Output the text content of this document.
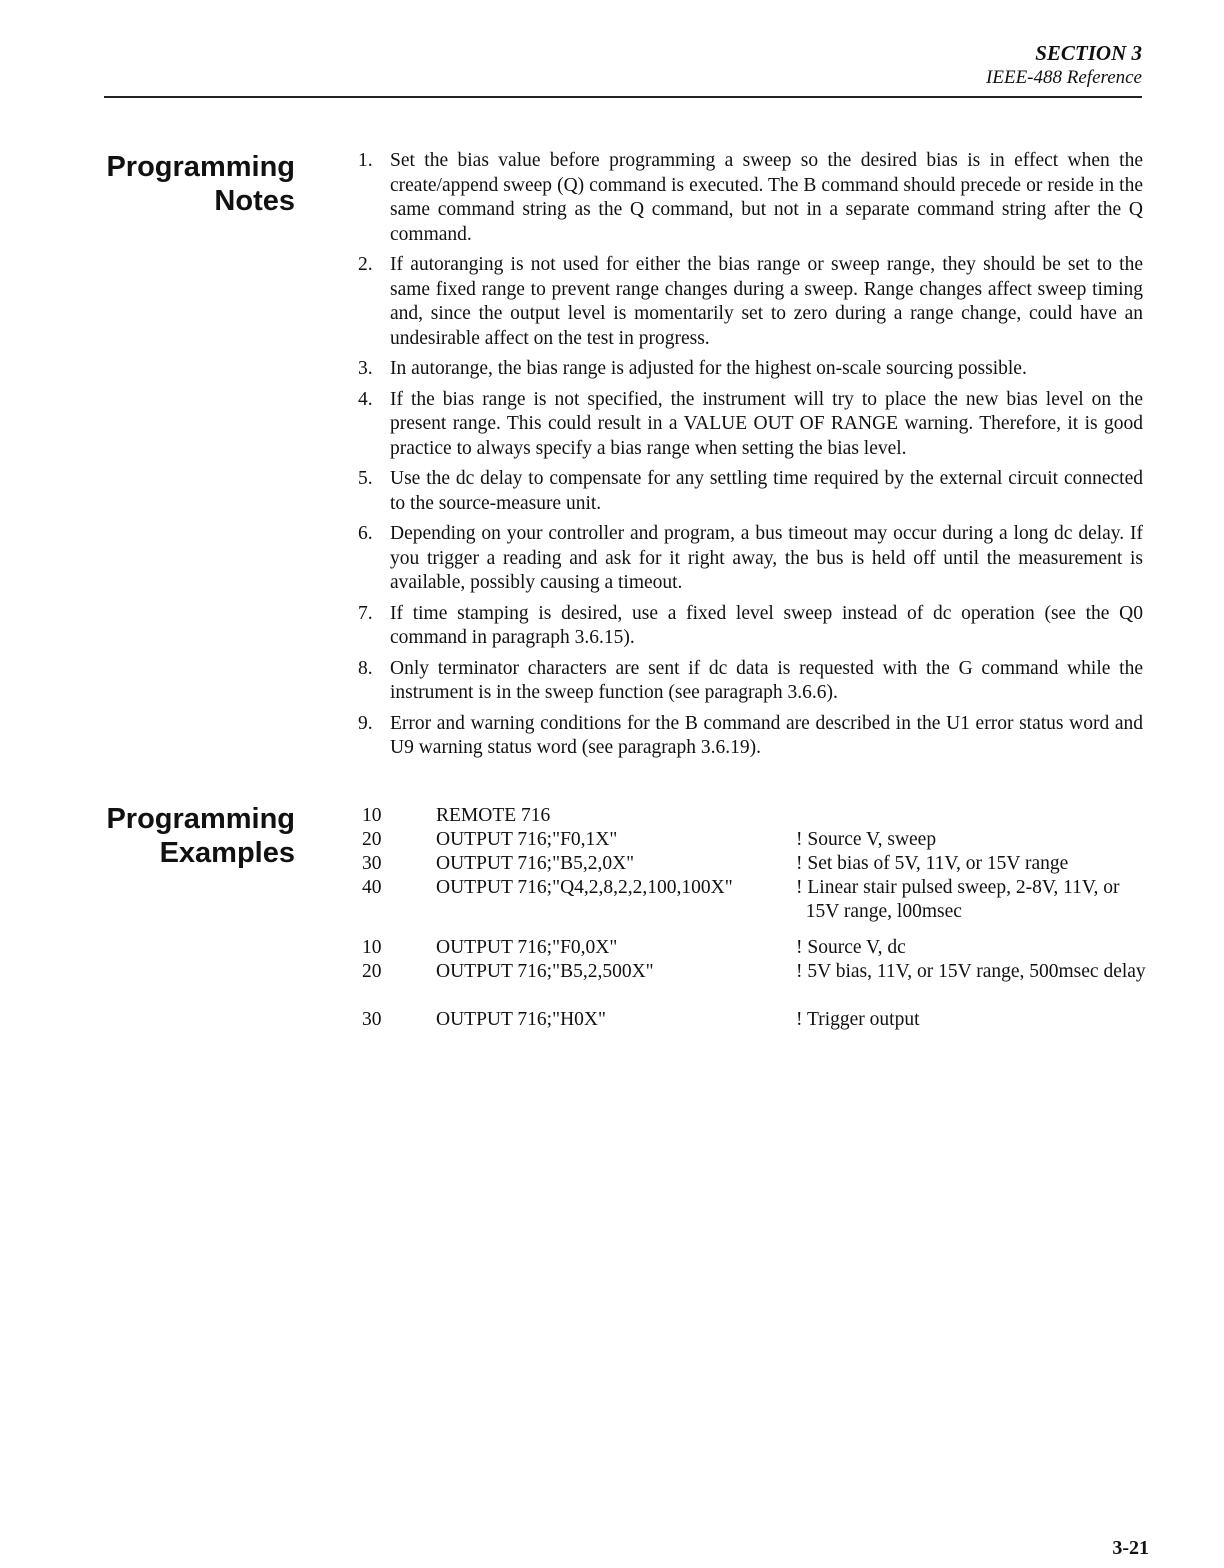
SECTION 3
IEEE-488 Reference
Programming
Notes
1. Set the bias value before programming a sweep so the desired bias is in effect when the create/append sweep (Q) command is executed. The B command should precede or reside in the same command string as the Q command, but not in a separate command string after the Q command.
2. If autoranging is not used for either the bias range or sweep range, they should be set to the same fixed range to prevent range changes during a sweep. Range changes affect sweep timing and, since the output level is momentarily set to zero during a range change, could have an undesirable affect on the test in progress.
3. In autorange, the bias range is adjusted for the highest on-scale sourcing possible.
4. If the bias range is not specified, the instrument will try to place the new bias level on the present range. This could result in a VALUE OUT OF RANGE warning. Therefore, it is good practice to always specify a bias range when setting the bias level.
5. Use the dc delay to compensate for any settling time required by the external circuit connected to the source-measure unit.
6. Depending on your controller and program, a bus timeout may occur during a long dc delay. If you trigger a reading and ask for it right away, the bus is held off until the measurement is available, possibly causing a timeout.
7. If time stamping is desired, use a fixed level sweep instead of dc operation (see the Q0 command in paragraph 3.6.15).
8. Only terminator characters are sent if dc data is requested with the G command while the instrument is in the sweep function (see paragraph 3.6.6).
9. Error and warning conditions for the B command are described in the U1 error status word and U9 warning status word (see paragraph 3.6.19).
Programming
Examples
10	REMOTE 716
20	OUTPUT 716;"F0,1X"	! Source V, sweep
30	OUTPUT 716;"B5,2,0X"	! Set bias of 5V, 11V, or 15V range
40	OUTPUT 716;"Q4,2,8,2,2,100,100X"	! Linear stair pulsed sweep, 2-8V, 11V, or 15V range, l00msec
10	OUTPUT 716;"F0,0X"	! Source V, dc
20	OUTPUT 716;"B5,2,500X"	! 5V bias, 11V, or 15V range, 500msec delay
30	OUTPUT 716;"H0X"	! Trigger output
3-21
